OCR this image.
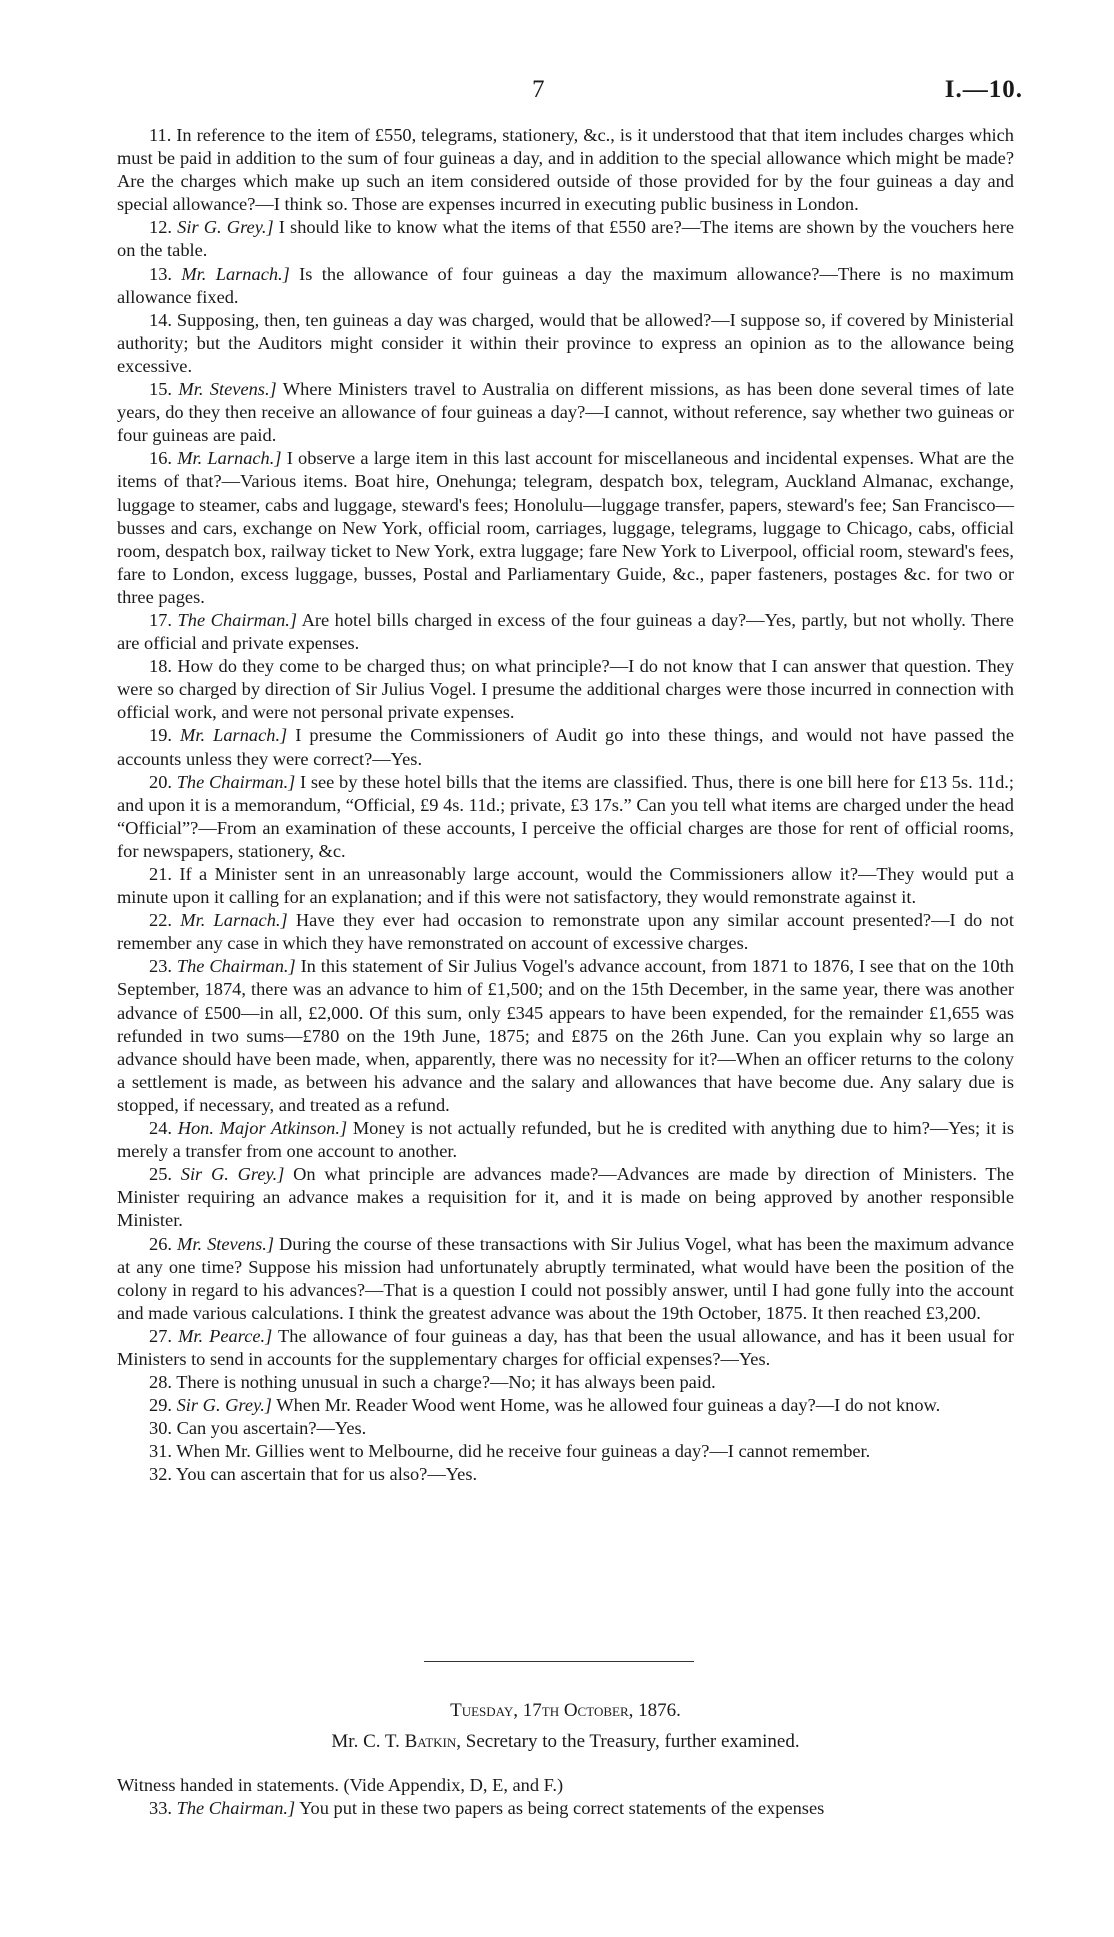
7	I.—10.

11. In reference to the item of £550, telegrams, stationery, &c., is it understood that that item includes charges which must be paid in addition to the sum of four guineas a day, and in addition to the special allowance which might be made? Are the charges which make up such an item considered outside of those provided for by the four guineas a day and special allowance?—I think so. Those are expenses incurred in executing public business in London.

12. Sir G. Grey.] I should like to know what the items of that £550 are?—The items are shown by the vouchers here on the table.

13. Mr. Larnach.] Is the allowance of four guineas a day the maximum allowance?—There is no maximum allowance fixed.

14. Supposing, then, ten guineas a day was charged, would that be allowed?—I suppose so, if covered by Ministerial authority; but the Auditors might consider it within their province to express an opinion as to the allowance being excessive.

15. Mr. Stevens.] Where Ministers travel to Australia on different missions, as has been done several times of late years, do they then receive an allowance of four guineas a day?—I cannot, without reference, say whether two guineas or four guineas are paid.

16. Mr. Larnach.] I observe a large item in this last account for miscellaneous and incidental expenses. What are the items of that?—Various items. Boat hire, Onehunga; telegram, despatch box, telegram, Auckland Almanac, exchange, luggage to steamer, cabs and luggage, steward's fees; Honolulu—luggage transfer, papers, steward's fee; San Francisco—busses and cars, exchange on New York, official room, carriages, luggage, telegrams, luggage to Chicago, cabs, official room, despatch box, railway ticket to New York, extra luggage; fare New York to Liverpool, official room, steward's fees, fare to London, excess luggage, busses, Postal and Parliamentary Guide, &c., paper fasteners, postages &c. for two or three pages.

17. The Chairman.] Are hotel bills charged in excess of the four guineas a day?—Yes, partly, but not wholly. There are official and private expenses.

18. How do they come to be charged thus; on what principle?—I do not know that I can answer that question. They were so charged by direction of Sir Julius Vogel. I presume the additional charges were those incurred in connection with official work, and were not personal private expenses.

19. Mr. Larnach.] I presume the Commissioners of Audit go into these things, and would not have passed the accounts unless they were correct?—Yes.

20. The Chairman.] I see by these hotel bills that the items are classified. Thus, there is one bill here for £13 5s. 11d.; and upon it is a memorandum, “Official, £9 4s. 11d.; private, £3 17s.” Can you tell what items are charged under the head “Official”?—From an examination of these accounts, I perceive the official charges are those for rent of official rooms, for newspapers, stationery, &c.

21. If a Minister sent in an unreasonably large account, would the Commissioners allow it?—They would put a minute upon it calling for an explanation; and if this were not satisfactory, they would remonstrate against it.

22. Mr. Larnach.] Have they ever had occasion to remonstrate upon any similar account presented?—I do not remember any case in which they have remonstrated on account of excessive charges.

23. The Chairman.] In this statement of Sir Julius Vogel's advance account, from 1871 to 1876, I see that on the 10th September, 1874, there was an advance to him of £1,500; and on the 15th December, in the same year, there was another advance of £500—in all, £2,000. Of this sum, only £345 appears to have been expended, for the remainder £1,655 was refunded in two sums—£780 on the 19th June, 1875; and £875 on the 26th June. Can you explain why so large an advance should have been made, when, apparently, there was no necessity for it?—When an officer returns to the colony a settlement is made, as between his advance and the salary and allowances that have become due. Any salary due is stopped, if necessary, and treated as a refund.

24. Hon. Major Atkinson.] Money is not actually refunded, but he is credited with anything due to him?—Yes; it is merely a transfer from one account to another.

25. Sir G. Grey.] On what principle are advances made?—Advances are made by direction of Ministers. The Minister requiring an advance makes a requisition for it, and it is made on being approved by another responsible Minister.

26. Mr. Stevens.] During the course of these transactions with Sir Julius Vogel, what has been the maximum advance at any one time? Suppose his mission had unfortunately abruptly terminated, what would have been the position of the colony in regard to his advances?—That is a question I could not possibly answer, until I had gone fully into the account and made various calculations. I think the greatest advance was about the 19th October, 1875. It then reached £3,200.

27. Mr. Pearce.] The allowance of four guineas a day, has that been the usual allowance, and has it been usual for Ministers to send in accounts for the supplementary charges for official expenses?—Yes.

28. There is nothing unusual in such a charge?—No; it has always been paid.

29. Sir G. Grey.] When Mr. Reader Wood went Home, was he allowed four guineas a day?—I do not know.

30. Can you ascertain?—Yes.

31. When Mr. Gillies went to Melbourne, did he receive four guineas a day?—I cannot remember.

32. You can ascertain that for us also?—Yes.

Tuesday, 17th October, 1876.
Mr. C. T. Batkin, Secretary to the Treasury, further examined.

Witness handed in statements. (Vide Appendix, D, E, and F.)

33. The Chairman.] You put in these two papers as being correct statements of the expenses
